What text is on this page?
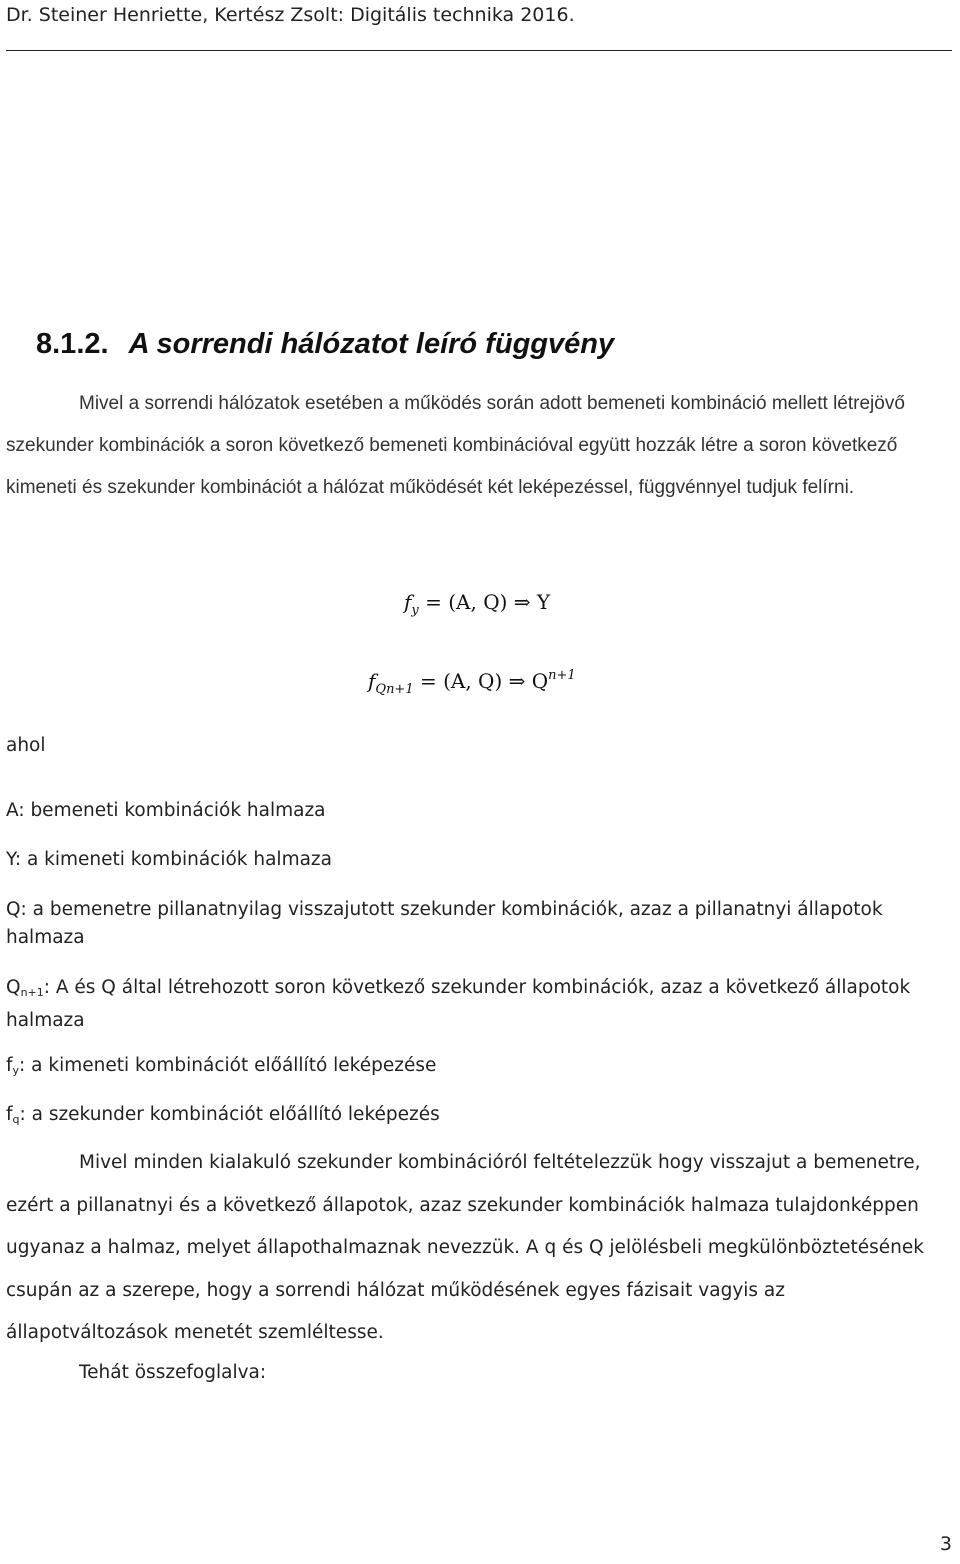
Dr. Steiner Henriette, Kertész Zsolt: Digitális technika 2016.
8.1.2. A sorrendi hálózatot leíró függvény

Mivel a sorrendi hálózatok esetében a működés során adott bemeneti kombináció mellett létrejövő szekunder kombinációk a soron következő bemeneti kombinációval együtt hozzák létre a soron következő kimeneti és szekunder kombinációt a hálózat működését két leképezéssel, függvénnyel tudjuk felírni.

$f_y = (A$, Q) ⇒ Y
$f_{Qn+1} = (A$, Q) ⇒ $Q^{n+1}$

ahol

A: bemeneti kombinációk halmaza

Y: a kimeneti kombinációk halmaza

Q: a bemenetre pillanatnyilag visszajutott szekunder kombinációk, azaz a pillanatnyi állapotok halmaza

$Q_{n+1}$: A és Q által létrehozott soron következő szekunder kombinációk, azaz a következő állapotok halmaza

$f_y$: a kimeneti kombinációt előállító leképezése

$f_q$: a szekunder kombinációt előállító leképezés

Mivel minden kialakuló szekunder kombinációról feltételezzük hogy visszajut a bemenetre, ezért a pillanatnyi és a következő állapotok, azaz szekunder kombinációk halmaza tulajdonképpen ugyanaz a halmaz, melyet állapothalmaznak nevezzük. A q és Q jelölésbeli megkülönböztetésének csupán az a szerepe, hogy a sorrendi hálózat működésének egyes fázisait vagyis az állapotváltozások menetét szemléltesse.

Tehát összefoglalva:

3
